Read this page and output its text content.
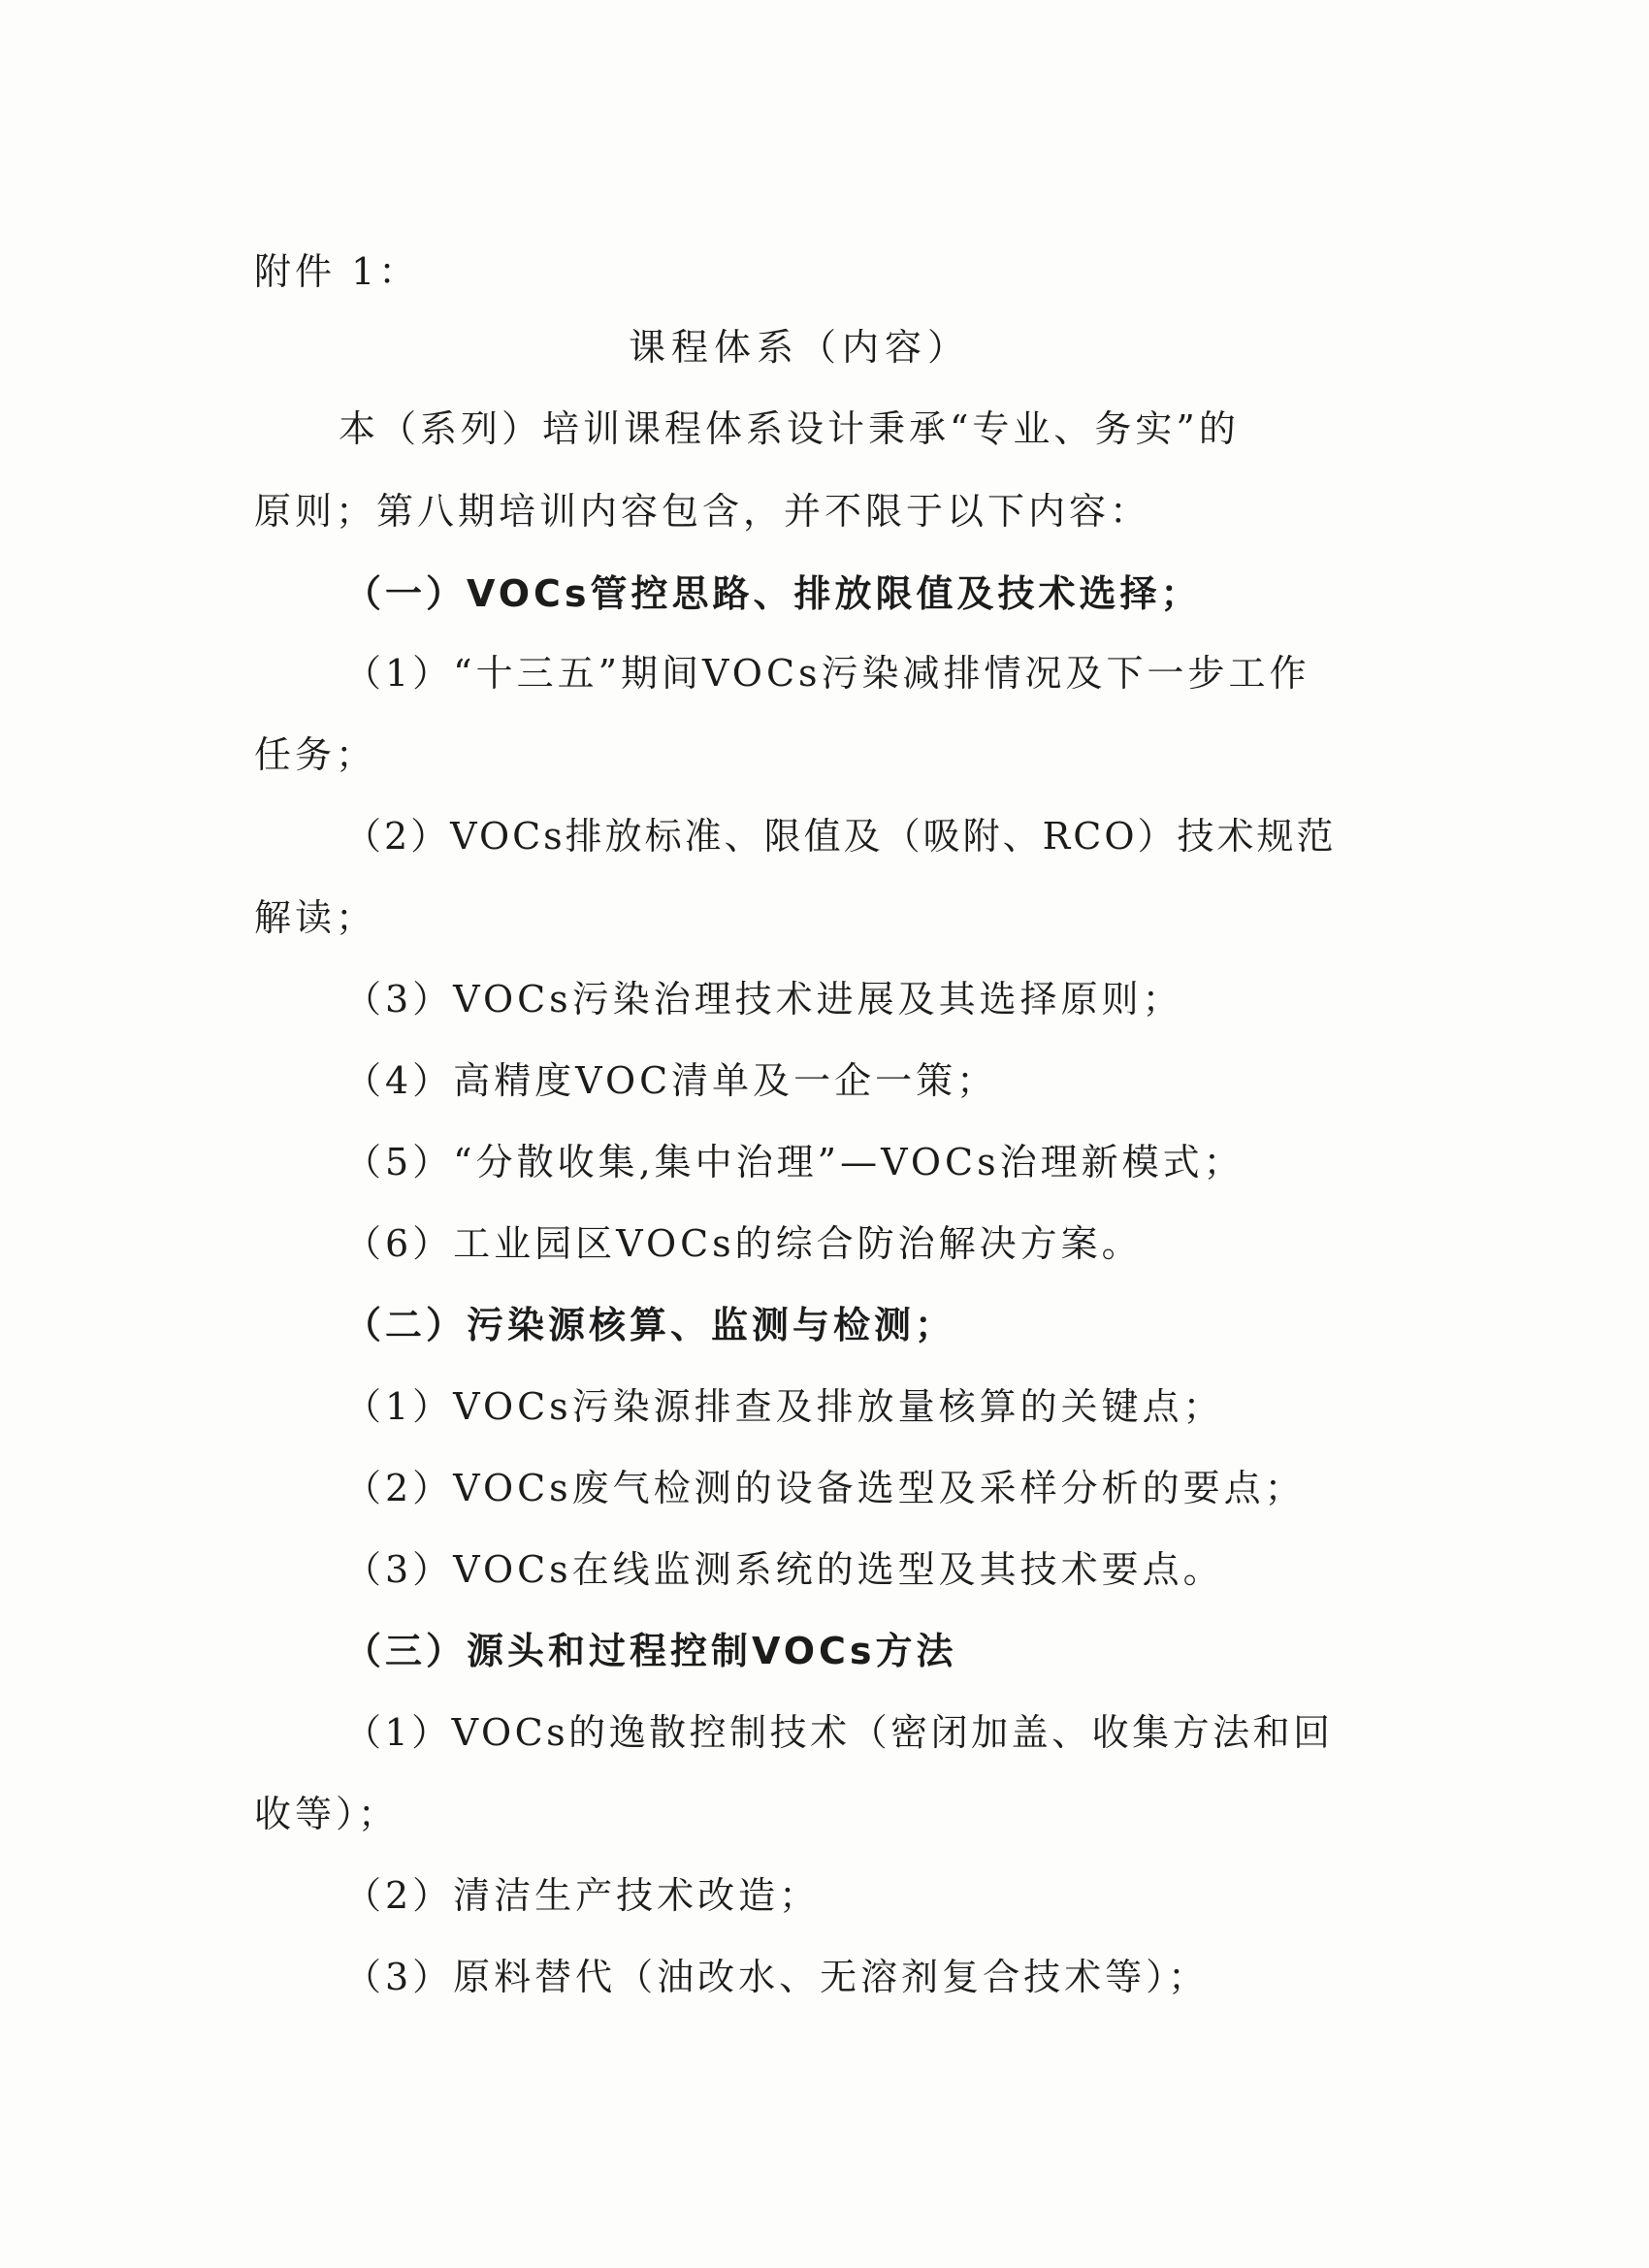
附件 1：
课程体系（内容）
本（系列）培训课程体系设计秉承“专业、务实”的
原则；第八期培训内容包含，并不限于以下内容：
（一）VOCs管控思路、排放限值及技术选择；
（1）“十三五”期间VOCs污染减排情况及下一步工作
任务；
（2）VOCs排放标准、限值及（吸附、RCO）技术规范
解读；
（3）VOCs污染治理技术进展及其选择原则；
（4）高精度VOC清单及一企一策；
（5）“分散收集,集中治理”—VOCs治理新模式；
（6）工业园区VOCs的综合防治解决方案。
（二）污染源核算、监测与检测；
（1）VOCs污染源排查及排放量核算的关键点；
（2）VOCs废气检测的设备选型及采样分析的要点；
（3）VOCs在线监测系统的选型及其技术要点。
（三）源头和过程控制VOCs方法
（1）VOCs的逸散控制技术（密闭加盖、收集方法和回
收等）；
（2）清洁生产技术改造；
（3）原料替代（油改水、无溶剂复合技术等）；
